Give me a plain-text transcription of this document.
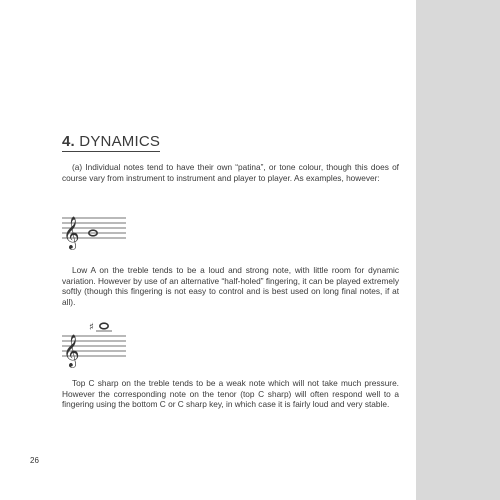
4. DYNAMICS

(a) Individual notes tend to have their own “patina”, or tone colour, though this does of course vary from instrument to instrument and player to player. As examples, however:

𝄞

Low A on the treble tends to be a loud and strong note, with little room for dynamic variation. However by use of an alternative “half-holed” fingering, it can be played extremely softly (though this fingering is not easy to control and is best used on long final notes, if at all).

𝄞
♯

Top C sharp on the treble tends to be a weak note which will not take much pressure. However the corresponding note on the tenor (top C sharp) will often respond well to a fingering using the bottom C or C sharp key, in which case it is fairly loud and very stable.

26
